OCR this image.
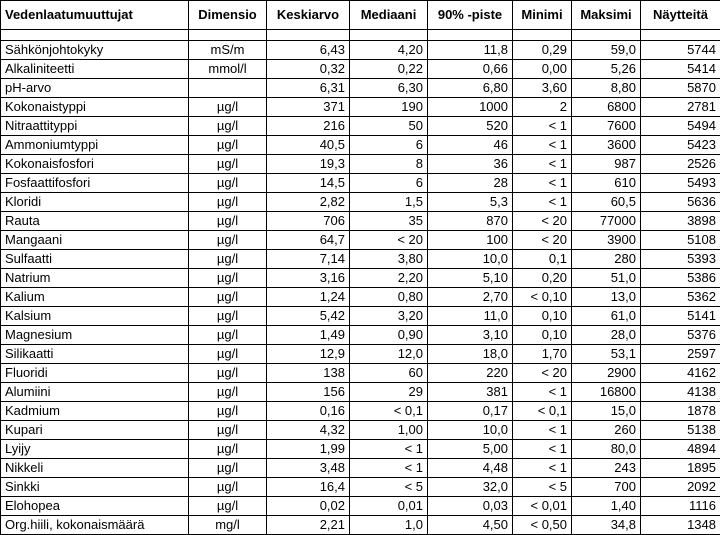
Vedenlaatumuuttujat	Dimensio	Keskiarvo	Mediaani	90% -piste	Minimi	Maksimi	Näytteitä

Sähkönjohtokyky	mS/m	6,43	4,20	11,8	0,29	59,0	5744
Alkaliniteetti	mmol/l	0,32	0,22	0,66	0,00	5,26	5414
pH-arvo		6,31	6,30	6,80	3,60	8,80	5870
Kokonaistyppi	µg/l	371	190	1000	2	6800	2781
Nitraattityppi	µg/l	216	50	520	< 1	7600	5494
Ammoniumtyppi	µg/l	40,5	6	46	< 1	3600	5423
Kokonaisfosfori	µg/l	19,3	8	36	< 1	987	2526
Fosfaattifosfori	µg/l	14,5	6	28	< 1	610	5493
Kloridi	µg/l	2,82	1,5	5,3	< 1	60,5	5636
Rauta	µg/l	706	35	870	< 20	77000	3898
Mangaani	µg/l	64,7	< 20	100	< 20	3900	5108
Sulfaatti	µg/l	7,14	3,80	10,0	0,1	280	5393
Natrium	µg/l	3,16	2,20	5,10	0,20	51,0	5386
Kalium	µg/l	1,24	0,80	2,70	< 0,10	13,0	5362
Kalsium	µg/l	5,42	3,20	11,0	0,10	61,0	5141
Magnesium	µg/l	1,49	0,90	3,10	0,10	28,0	5376
Silikaatti	µg/l	12,9	12,0	18,0	1,70	53,1	2597
Fluoridi	µg/l	138	60	220	< 20	2900	4162
Alumiini	µg/l	156	29	381	< 1	16800	4138
Kadmium	µg/l	0,16	< 0,1	0,17	< 0,1	15,0	1878
Kupari	µg/l	4,32	1,00	10,0	< 1	260	5138
Lyijy	µg/l	1,99	< 1	5,00	< 1	80,0	4894
Nikkeli	µg/l	3,48	< 1	4,48	< 1	243	1895
Sinkki	µg/l	16,4	< 5	32,0	< 5	700	2092
Elohopea	µg/l	0,02	0,01	0,03	< 0,01	1,40	1116
Org.hiili, kokonaismäärä	mg/l	2,21	1,0	4,50	< 0,50	34,8	1348
